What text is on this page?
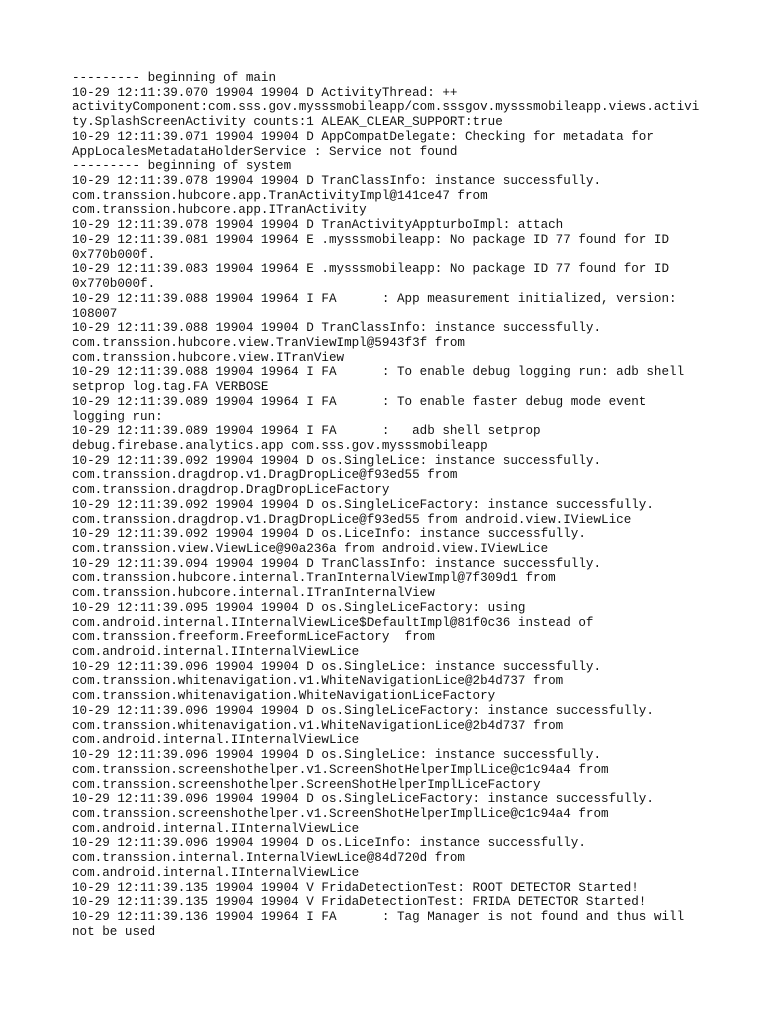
--------- beginning of main
10-29 12:11:39.070 19904 19904 D ActivityThread: ++
activityComponent:com.sss.gov.mysssmobileapp/com.sssgov.mysssmobileapp.views.activi
ty.SplashScreenActivity counts:1 ALEAK_CLEAR_SUPPORT:true
10-29 12:11:39.071 19904 19904 D AppCompatDelegate: Checking for metadata for
AppLocalesMetadataHolderService : Service not found
--------- beginning of system
10-29 12:11:39.078 19904 19904 D TranClassInfo: instance successfully.
com.transsion.hubcore.app.TranActivityImpl@141ce47 from
com.transsion.hubcore.app.ITranActivity
10-29 12:11:39.078 19904 19904 D TranActivityAppturboImpl: attach
10-29 12:11:39.081 19904 19964 E .mysssmobileapp: No package ID 77 found for ID
0x770b000f.
10-29 12:11:39.083 19904 19964 E .mysssmobileapp: No package ID 77 found for ID
0x770b000f.
10-29 12:11:39.088 19904 19964 I FA      : App measurement initialized, version:
108007
10-29 12:11:39.088 19904 19904 D TranClassInfo: instance successfully.
com.transsion.hubcore.view.TranViewImpl@5943f3f from
com.transsion.hubcore.view.ITranView
10-29 12:11:39.088 19904 19964 I FA      : To enable debug logging run: adb shell
setprop log.tag.FA VERBOSE
10-29 12:11:39.089 19904 19964 I FA      : To enable faster debug mode event
logging run:
10-29 12:11:39.089 19904 19964 I FA      :   adb shell setprop
debug.firebase.analytics.app com.sss.gov.mysssmobileapp
10-29 12:11:39.092 19904 19904 D os.SingleLice: instance successfully.
com.transsion.dragdrop.v1.DragDropLice@f93ed55 from
com.transsion.dragdrop.DragDropLiceFactory
10-29 12:11:39.092 19904 19904 D os.SingleLiceFactory: instance successfully.
com.transsion.dragdrop.v1.DragDropLice@f93ed55 from android.view.IViewLice
10-29 12:11:39.092 19904 19904 D os.LiceInfo: instance successfully.
com.transsion.view.ViewLice@90a236a from android.view.IViewLice
10-29 12:11:39.094 19904 19904 D TranClassInfo: instance successfully.
com.transsion.hubcore.internal.TranInternalViewImpl@7f309d1 from
com.transsion.hubcore.internal.ITranInternalView
10-29 12:11:39.095 19904 19904 D os.SingleLiceFactory: using
com.android.internal.IInternalViewLice$DefaultImpl@81f0c36 instead of
com.transsion.freeform.FreeformLiceFactory  from
com.android.internal.IInternalViewLice
10-29 12:11:39.096 19904 19904 D os.SingleLice: instance successfully.
com.transsion.whitenavigation.v1.WhiteNavigationLice@2b4d737 from
com.transsion.whitenavigation.WhiteNavigationLiceFactory
10-29 12:11:39.096 19904 19904 D os.SingleLiceFactory: instance successfully.
com.transsion.whitenavigation.v1.WhiteNavigationLice@2b4d737 from
com.android.internal.IInternalViewLice
10-29 12:11:39.096 19904 19904 D os.SingleLice: instance successfully.
com.transsion.screenshothelper.v1.ScreenShotHelperImplLice@c1c94a4 from
com.transsion.screenshothelper.ScreenShotHelperImplLiceFactory
10-29 12:11:39.096 19904 19904 D os.SingleLiceFactory: instance successfully.
com.transsion.screenshothelper.v1.ScreenShotHelperImplLice@c1c94a4 from
com.android.internal.IInternalViewLice
10-29 12:11:39.096 19904 19904 D os.LiceInfo: instance successfully.
com.transsion.internal.InternalViewLice@84d720d from
com.android.internal.IInternalViewLice
10-29 12:11:39.135 19904 19904 V FridaDetectionTest: ROOT DETECTOR Started!
10-29 12:11:39.135 19904 19904 V FridaDetectionTest: FRIDA DETECTOR Started!
10-29 12:11:39.136 19904 19964 I FA      : Tag Manager is not found and thus will
not be used
